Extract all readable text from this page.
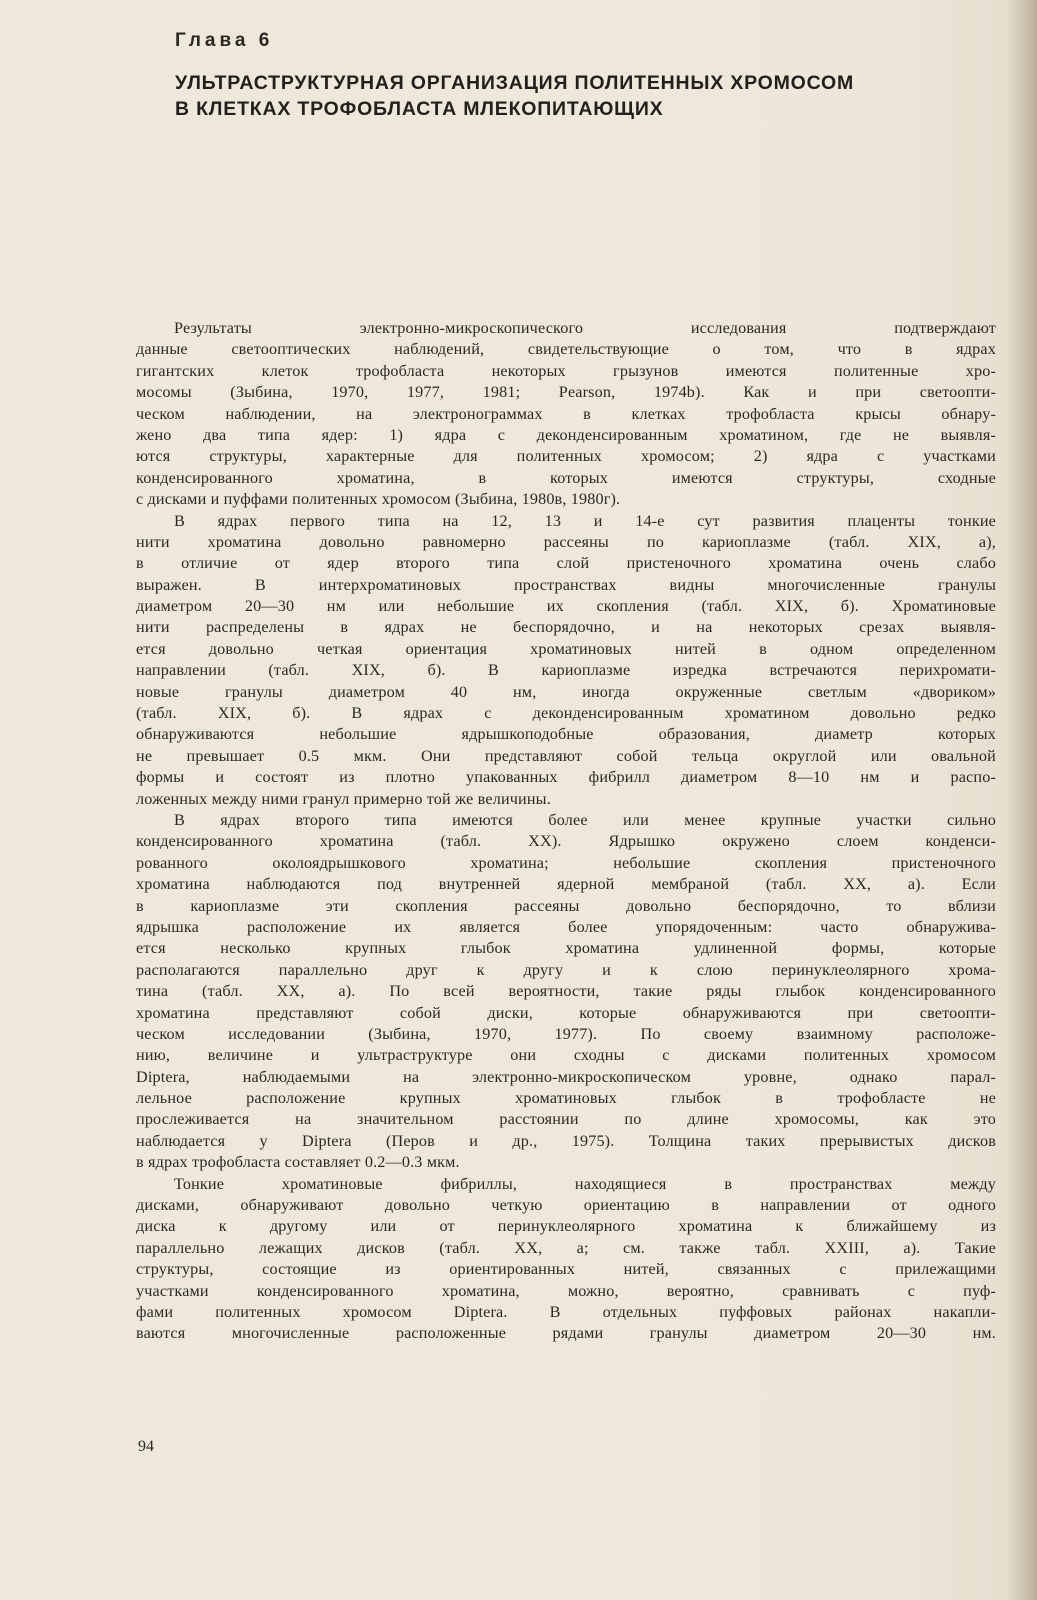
Глава 6
УЛЬТРАСТРУКТУРНАЯ ОРГАНИЗАЦИЯ ПОЛИТЕННЫХ ХРОМОСОМ
В КЛЕТКАХ ТРОФОБЛАСТА МЛЕКОПИТАЮЩИХ
Результаты электронно-микроскопического исследования подтверждают
данные светооптических наблюдений, свидетельствующие о том, что в ядрах
гигантских клеток трофобласта некоторых грызунов имеются политенные хро-
мосомы (Зыбина, 1970, 1977, 1981; Pearson, 1974b). Как и при светоопти-
ческом наблюдении, на электронограммах в клетках трофобласта крысы обнару-
жено два типа ядер: 1) ядра с деконденсированным хроматином, где не выявля-
ются структуры, характерные для политенных хромосом; 2) ядра с участками
конденсированного хроматина, в которых имеются структуры, сходные
с дисками и пуффами политенных хромосом (Зыбина, 1980в, 1980г).
В ядрах первого типа на 12, 13 и 14-е сут развития плаценты тонкие
нити хроматина довольно равномерно рассеяны по кариоплазме (табл. XIX, а),
в отличие от ядер второго типа слой пристеночного хроматина очень слабо
выражен. В интерхроматиновых пространствах видны многочисленные гранулы
диаметром 20—30 нм или небольшие их скопления (табл. XIX, б). Хроматиновые
нити распределены в ядрах не беспорядочно, и на некоторых срезах выявля-
ется довольно четкая ориентация хроматиновых нитей в одном определенном
направлении (табл. XIX, б). В кариоплазме изредка встречаются перихромати-
новые гранулы диаметром 40 нм, иногда окруженные светлым «двориком»
(табл. XIX, б). В ядрах с деконденсированным хроматином довольно редко
обнаруживаются небольшие ядрышкоподобные образования, диаметр которых
не превышает 0.5 мкм. Они представляют собой тельца округлой или овальной
формы и состоят из плотно упакованных фибрилл диаметром 8—10 нм и распо-
ложенных между ними гранул примерно той же величины.
В ядрах второго типа имеются более или менее крупные участки сильно
конденсированного хроматина (табл. XX). Ядрышко окружено слоем конденси-
рованного околоядрышкового хроматина; небольшие скопления пристеночного
хроматина наблюдаются под внутренней ядерной мембраной (табл. XX, а). Если
в кариоплазме эти скопления рассеяны довольно беспорядочно, то вблизи
ядрышка расположение их является более упорядоченным: часто обнаружива-
ется несколько крупных глыбок хроматина удлиненной формы, которые
располагаются параллельно друг к другу и к слою перинуклеолярного хрома-
тина (табл. XX, а). По всей вероятности, такие ряды глыбок конденсированного
хроматина представляют собой диски, которые обнаруживаются при светоопти-
ческом исследовании (Зыбина, 1970, 1977). По своему взаимному расположе-
нию, величине и ультраструктуре они сходны с дисками политенных хромосом
Diptera, наблюдаемыми на электронно-микроскопическом уровне, однако парал-
лельное расположение крупных хроматиновых глыбок в трофобласте не
прослеживается на значительном расстоянии по длине хромосомы, как это
наблюдается у Diptera (Перов и др., 1975). Толщина таких прерывистых дисков
в ядрах трофобласта составляет 0.2—0.3 мкм.
Тонкие хроматиновые фибриллы, находящиеся в пространствах между
дисками, обнаруживают довольно четкую ориентацию в направлении от одного
диска к другому или от перинуклеолярного хроматина к ближайшему из
параллельно лежащих дисков (табл. XX, а; см. также табл. XXIII, а). Такие
структуры, состоящие из ориентированных нитей, связанных с прилежащими
участками конденсированного хроматина, можно, вероятно, сравнивать с пуф-
фами политенных хромосом Diptera. В отдельных пуффовых районах накапли-
ваются многочисленные расположенные рядами гранулы диаметром 20—30 нм.
94
